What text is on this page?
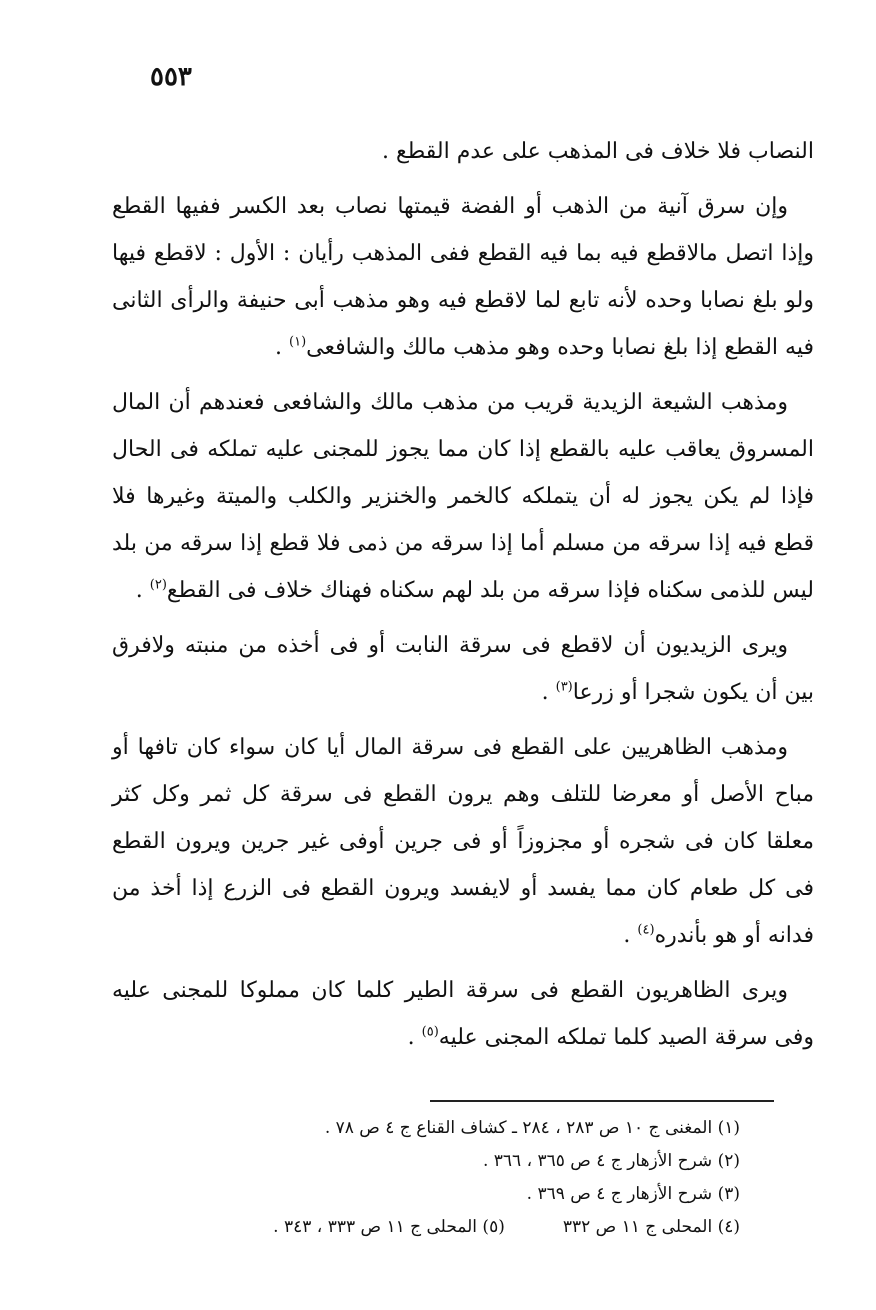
٥٥٣

النصاب فلا خلاف فى المذهب على عدم القطع .

وإن سرق آنية من الذهب أو الفضة قيمتها نصاب بعد الكسر ففيها القطع وإذا اتصل مالاقطع فيه بما فيه القطع ففى المذهب رأيان : الأول : لاقطع فيها ولو بلغ نصابا وحده لأنه تابع لما لاقطع فيه وهو مذهب أبى حنيفة والرأى الثانى فيه القطع إذا بلغ نصابا وحده وهو مذهب مالك والشافعى$^{(١)}$ .

ومذهب الشيعة الزيدية قريب من مذهب مالك والشافعى فعندهم أن المال المسروق يعاقب عليه بالقطع إذا كان مما يجوز للمجنى عليه تملكه فى الحال فإذا لم يكن يجوز له أن يتملكه كالخمر والخنزير والكلب والميتة وغيرها فلا قطع فيه إذا سرقه من مسلم أما إذا سرقه من ذمى فلا قطع إذا سرقه من بلد ليس للذمى سكناه فإذا سرقه من بلد لهم سكناه فهناك خلاف فى القطع$^{(٢)}$ .

ويرى الزيديون أن لاقطع فى سرقة النابت أو فى أخذه من منبته ولافرق بين أن يكون شجرا أو زرعا$^{(٣)}$ .

ومذهب الظاهريين على القطع فى سرقة المال أيا كان سواء كان تافها أو مباح الأصل أو معرضا للتلف وهم يرون القطع فى سرقة كل ثمر وكل كثر معلقا كان فى شجره أو مجزوزاً أو فى جرين أوفى غير جرين ويرون القطع فى كل طعام كان مما يفسد أو لايفسد ويرون القطع فى الزرع إذا أخذ من فدانه أو هو بأندره$^{(٤)}$ .

ويرى الظاهريون القطع فى سرقة الطير كلما كان مملوكا للمجنى عليه وفى سرقة الصيد كلما تملكه المجنى عليه$^{(٥)}$ .

(١) المغنى ج ١٠ ص ٢٨٣ ، ٢٨٤ ـ كشاف القناع ج ٤ ص ٧٨ .

(٢) شرح الأزهار ج ٤ ص ٣٦٥ ، ٣٦٦ .

(٣) شرح الأزهار ج ٤ ص ٣٦٩ .

(٤) المحلى ج ١١ ص ٣٣٢
(٥) المحلى ج ١١ ص ٣٣٣ ، ٣٤٣ .
